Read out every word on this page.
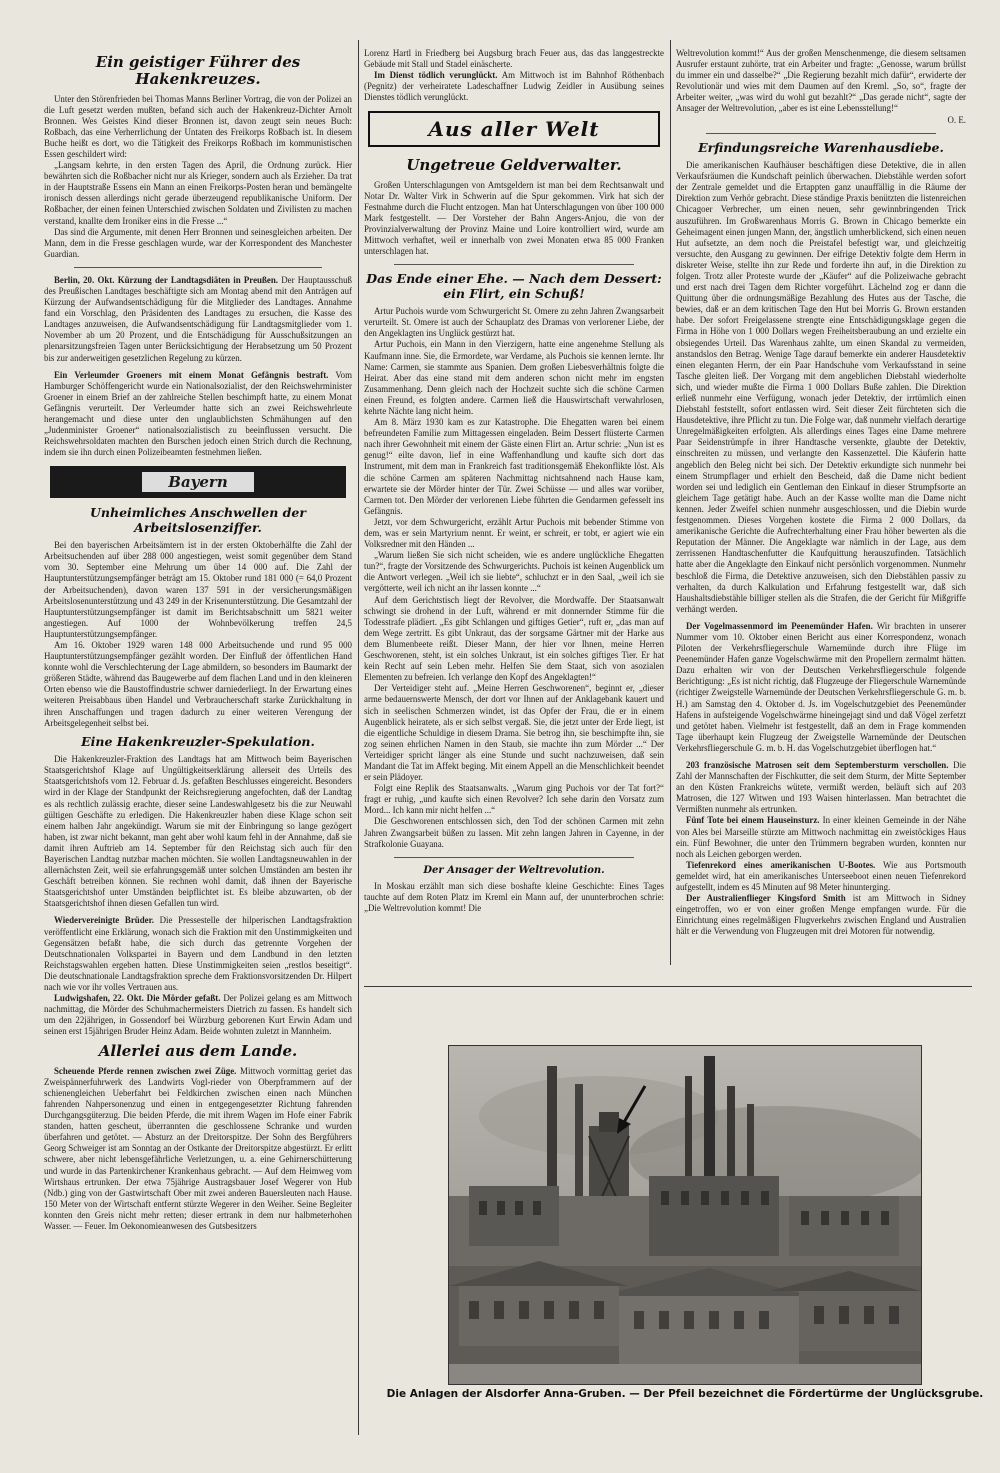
Ein geistiger Führer des Hakenkreuzes.

Unter den Störenfrieden bei Thomas Manns Berliner Vortrag, die von der Polizei an die Luft gesetzt werden mußten, befand sich auch der Hakenkreuz-Dichter Arnolt Bronnen. Wes Geistes Kind dieser Bronnen ist, davon zeugt sein neues Buch: Roßbach, das eine Verherrlichung der Untaten des Freikorps Roßbach ist. In diesem Buche heißt es dort, wo die Tätigkeit des Freikorps Roßbach im kommunistischen Essen geschildert wird:

„Langsam kehrte, in den ersten Tagen des April, die Ordnung zurück. Hier bewährten sich die Roßbacher nicht nur als Krieger, sondern auch als Erzieher. Da trat in der Hauptstraße Essens ein Mann an einen Freikorps-Posten heran und bemängelte ironisch dessen allerdings nicht gerade überzeugend republikanische Uniform. Der Roßbacher, der einen feinen Unterschied zwischen Soldaten und Zivilisten zu machen verstand, knallte dem Ironiker eins in die Fresse ...“

Das sind die Argumente, mit denen Herr Bronnen und seinesgleichen arbeiten. Der Mann, dem in die Fresse geschlagen wurde, war der Korrespondent des Manchester Guardian.

Berlin, 20. Okt. Kürzung der Landtagsdiäten in Preußen. Der Hauptausschuß des Preußischen Landtages beschäftigte sich am Montag abend mit den Anträgen auf Kürzung der Aufwandsentschädigung für die Mitglieder des Landtages. Annahme fand ein Vorschlag, den Präsidenten des Landtages zu ersuchen, die Kasse des Landtages anzuweisen, die Aufwandsentschädigung für Landtagsmitglieder vom 1. November ab um 20 Prozent, und die Entschädigung für Ausschußsitzungen an plenarsitzungsfreien Tagen unter Berücksichtigung der Herabsetzung um 50 Prozent bis zur anderweitigen gesetzlichen Regelung zu kürzen.

Ein Verleumder Groeners mit einem Monat Gefängnis bestraft. Vom Hamburger Schöffengericht wurde ein Nationalsozialist, der den Reichswehrminister Groener in einem Brief an der zahlreiche Stellen beschimpft hatte, zu einem Monat Gefängnis verurteilt. Der Verleumder hatte sich an zwei Reichswehrleute herangemacht und diese unter den unglaublichsten Schmähungen auf den „Judenminister Groener“ nationalsozialistisch zu beeinflussen versucht. Die Reichswehrsoldaten machten den Burschen jedoch einen Strich durch die Rechnung, indem sie ihn durch einen Polizeibeamten festnehmen ließen.

Bayern
Unheimliches Anschwellen der Arbeitslosenziffer.

Bei den bayerischen Arbeitsämtern ist in der ersten Oktoberhälfte die Zahl der Arbeitsuchenden auf über 288 000 angestiegen, weist somit gegenüber dem Stand vom 30. September eine Mehrung um über 14 000 auf. Die Zahl der Hauptunterstützungsempfänger beträgt am 15. Oktober rund 181 000 (= 64,0 Prozent der Arbeitsuchenden), davon waren 137 591 in der versicherungsmäßigen Arbeitslosenunterstützung und 43 249 in der Krisenunterstützung. Die Gesamtzahl der Hauptunterstützungsempfänger ist damit im Berichtsabschnitt um 5821 weiter angestiegen. Auf 1000 der Wohnbevölkerung treffen 24,5 Hauptunterstützungsempfänger.

Am 16. Oktober 1929 waren 148 000 Arbeitsuchende und rund 95 000 Hauptunterstützungsempfänger gezählt worden. Der Einfluß der öffentlichen Hand konnte wohl die Verschlechterung der Lage abmildern, so besonders im Baumarkt der größeren Städte, während das Baugewerbe auf dem flachen Land und in den kleineren Orten ebenso wie die Baustoffindustrie schwer darniederliegt. In der Erwartung eines weiteren Preisabbaus üben Handel und Verbraucherschaft starke Zurückhaltung in ihren Anschaffungen und tragen dadurch zu einer weiteren Verengung der Arbeitsgelegenheit selbst bei.

Eine Hakenkreuzler-Spekulation.

Die Hakenkreuzler-Fraktion des Landtags hat am Mittwoch beim Bayerischen Staatsgerichtshof Klage auf Ungültigkeitserklärung allerseit des Urteils des Staatsgerichtshofs vom 12. Februar d. Js. gefaßten Beschlusses eingereicht. Besonders wird in der Klage der Standpunkt der Reichsregierung angefochten, daß der Landtag es als rechtlich zulässig erachte, dieser seine Landeswahlgesetz bis die zur Neuwahl gültigen Geschäfte zu erledigen. Die Hakenkreuzler haben diese Klage schon seit einem halben Jahr angekündigt. Warum sie mit der Einbringung so lange gezögert haben, ist zwar nicht bekannt, man geht aber wohl kaum fehl in der Annahme, daß sie damit ihren Auftrieb am 14. September für den Reichstag sich auch für den Bayerischen Landtag nutzbar machen möchten. Sie wollen Landtagsneuwahlen in der allernächsten Zeit, weil sie erfahrungsgemäß unter solchen Umständen am besten ihr Geschäft betreiben können. Sie rechnen wohl damit, daß ihnen der Bayerische Staatsgerichtshof unter Umständen beipflichtet ist. Es bleibe abzuwarten, ob der Staatsgerichtshof ihnen diesen Gefallen tun wird.

Wiedervereinigte Brüder. Die Pressestelle der hilperischen Landtagsfraktion veröffentlicht eine Erklärung, wonach sich die Fraktion mit den Unstimmigkeiten und Gegensätzen befaßt habe, die sich durch das getrennte Vorgehen der Deutschnationalen Volkspartei in Bayern und dem Landbund in den letzten Reichstagswahlen ergeben hatten. Diese Unstimmigkeiten seien „restlos beseitigt“. Die deutschnationale Landtagsfraktion spreche dem Fraktionsvorsitzenden Dr. Hilpert nach wie vor ihr volles Vertrauen aus.

Ludwigshafen, 22. Okt. Die Mörder gefaßt. Der Polizei gelang es am Mittwoch nachmittag, die Mörder des Schuhmachermeisters Dietrich zu fassen. Es handelt sich um den 22jährigen, in Gossendorf bei Würzburg geborenen Kurt Erwin Adam und seinen erst 15jährigen Bruder Heinz Adam. Beide wohnten zuletzt in Mannheim.

Allerlei aus dem Lande.

Scheuende Pferde rennen zwischen zwei Züge. Mittwoch vormittag geriet das Zweispännerfuhrwerk des Landwirts Vogl-rieder von Oberpframmern auf der schienengleichen Ueberfahrt bei Feldkirchen zwischen einen nach München fahrenden Nahpersonenzug und einen in entgegengesetzter Richtung fahrenden Durchgangsgüterzug. Die beiden Pferde, die mit ihrem Wagen im Hofe einer Fabrik standen, hatten gescheut, überrannten die geschlossene Schranke und wurden überfahren und getötet. — Absturz an der Dreitorspitze. Der Sohn des Bergführers Georg Schweiger ist am Sonntag an der Ostkante der Dreitorspitze abgestürzt. Er erlitt schwere, aber nicht lebensgefährliche Verletzungen, u. a. eine Gehirnerschütterung und wurde in das Partenkirchener Krankenhaus gebracht. — Auf dem Heimweg vom Wirtshaus ertrunken. Der etwa 75jährige Austragsbauer Josef Wegerer von Hub (Ndb.) ging von der Gastwirtschaft Ober mit zwei anderen Bauersleuten nach Hause. 150 Meter von der Wirtschaft entfernt stürzte Wegerer in den Weiher. Seine Begleiter konnten den Greis nicht mehr retten; dieser ertrank in dem nur halbmeterhohen Wasser. — Feuer. Im Oekonomieanwesen des Gutsbesitzers

Lorenz Hartl in Friedberg bei Augsburg brach Feuer aus, das das langgestreckte Gebäude mit Stall und Stadel einäscherte.

Im Dienst tödlich verunglückt. Am Mittwoch ist im Bahnhof Röthenbach (Pegnitz) der verheiratete Ladeschaffner Ludwig Zeidler in Ausübung seines Dienstes tödlich verunglückt.

Aus aller Welt
Ungetreue Geldverwalter.

Großen Unterschlagungen von Amtsgeldern ist man bei dem Rechtsanwalt und Notar Dr. Walter Virk in Schwerin auf die Spur gekommen. Virk hat sich der Festnahme durch die Flucht entzogen. Man hat Unterschlagungen von über 100 000 Mark festgestellt. — Der Vorsteher der Bahn Angers-Anjou, die von der Provinzialverwaltung der Provinz Maine und Loire kontrolliert wird, wurde am Mittwoch verhaftet, weil er innerhalb von zwei Monaten etwa 85 000 Franken unterschlagen hat.

Das Ende einer Ehe. — Nach dem Dessert: ein Flirt, ein Schuß!

Artur Puchois wurde vom Schwurgericht St. Omere zu zehn Jahren Zwangsarbeit verurteilt. St. Omere ist auch der Schauplatz des Dramas von verlorener Liebe, der den Angeklagten ins Unglück gestürzt hat.

Artur Puchois, ein Mann in den Vierzigern, hatte eine angenehme Stellung als Kaufmann inne. Sie, die Ermordete, war Verdame, als Puchois sie kennen lernte. Ihr Name: Carmen, sie stammte aus Spanien. Dem großen Liebesverhältnis folgte die Heirat. Aber das eine stand mit dem anderen schon nicht mehr im engsten Zusammenhang. Denn gleich nach der Hochzeit suchte sich die schöne Carmen einen Freund, es folgten andere. Carmen ließ die Hauswirtschaft verwahrlosen, kehrte Nächte lang nicht heim.

Am 8. März 1930 kam es zur Katastrophe. Die Ehegatten waren bei einem befreundeten Familie zum Mittagessen eingeladen. Beim Dessert flüsterte Carmen nach ihrer Gewohnheit mit einem der Gäste einen Flirt an. Artur schrie: „Nun ist es genug!“ eilte davon, lief in eine Waffenhandlung und kaufte sich dort das Instrument, mit dem man in Frankreich fast traditionsgemäß Ehekonflikte löst. Als die schöne Carmen am späteren Nachmittag nichtsahnend nach Hause kam, erwartete sie der Mörder hinter der Tür. Zwei Schüsse — und alles war vorüber, Carmen tot. Den Mörder der verlorenen Liebe führten die Gendarmen gefesselt ins Gefängnis.

Jetzt, vor dem Schwurgericht, erzählt Artur Puchois mit bebender Stimme von dem, was er sein Martyrium nennt. Er weint, er schreit, er tobt, er agiert wie ein Volksredner mit den Händen ...

„Warum ließen Sie sich nicht scheiden, wie es andere unglückliche Ehegatten tun?“, fragte der Vorsitzende des Schwurgerichts. Puchois ist keinen Augenblick um die Antwort verlegen. „Weil ich sie liebte“, schluchzt er in den Saal, „weil ich sie vergötterte, weil ich nicht an ihr lassen konnte ...“

Auf dem Gerichtstisch liegt der Revolver, die Mordwaffe. Der Staatsanwalt schwingt sie drohend in der Luft, während er mit donnernder Stimme für die Todesstrafe plädiert. „Es gibt Schlangen und giftiges Getier“, ruft er, „das man auf dem Wege zertritt. Es gibt Unkraut, das der sorgsame Gärtner mit der Harke aus dem Blumenbeete reißt. Dieser Mann, der hier vor Ihnen, meine Herren Geschworenen, steht, ist ein solches Unkraut, ist ein solches giftiges Tier. Er hat kein Recht auf sein Leben mehr. Helfen Sie dem Staat, sich von asozialen Elementen zu befreien. Ich verlange den Kopf des Angeklagten!“

Der Verteidiger steht auf. „Meine Herren Geschworenen“, beginnt er, „dieser arme bedauernswerte Mensch, der dort vor Ihnen auf der Anklagebank kauert und sich in seelischen Schmerzen windet, ist das Opfer der Frau, die er in einem Augenblick heiratete, als er sich selbst vergaß. Sie, die jetzt unter der Erde liegt, ist die eigentliche Schuldige in diesem Drama. Sie betrog ihn, sie beschimpfte ihn, sie zog seinen ehrlichen Namen in den Staub, sie machte ihn zum Mörder ...“ Der Verteidiger spricht länger als eine Stunde und sucht nachzuweisen, daß sein Mandant die Tat im Affekt beging. Mit einem Appell an die Menschlichkeit beendet er sein Plädoyer.

Folgt eine Replik des Staatsanwalts. „Warum ging Puchois vor der Tat fort?“ fragt er ruhig, „und kaufte sich einen Revolver? Ich sehe darin den Vorsatz zum Mord... Ich kann mir nicht helfen ...“

Die Geschworenen entschlossen sich, den Tod der schönen Carmen mit zehn Jahren Zwangsarbeit büßen zu lassen. Mit zehn langen Jahren in Cayenne, in der Strafkolonie Guayana.

Der Ansager der Weltrevolution.

In Moskau erzählt man sich diese boshafte kleine Geschichte: Eines Tages tauchte auf dem Roten Platz im Kreml ein Mann auf, der ununterbrochen schrie: „Die Weltrevolution kommt! Die

Weltrevolution kommt!“ Aus der großen Menschenmenge, die diesem seltsamen Ausrufer erstaunt zuhörte, trat ein Arbeiter und fragte: „Genosse, warum brüllst du immer ein und dasselbe?“ „Die Regierung bezahlt mich dafür“, erwiderte der Revolutionär und wies mit dem Daumen auf den Kreml. „So, so“, fragte der Arbeiter weiter, „was wird du wohl gut bezahlt?“ „Das gerade nicht“, sagte der Ansager der Weltrevolution, „aber es ist eine Lebensstellung!“

O. E.

Erfindungsreiche Warenhausdiebe.

Die amerikanischen Kaufhäuser beschäftigen diese Detektive, die in allen Verkaufsräumen die Kundschaft peinlich überwachen. Diebstähle werden sofort der Zentrale gemeldet und die Ertappten ganz unauffällig in die Räume der Direktion zum Verhör gebracht. Diese ständige Praxis benützten die listenreichen Chicagoer Verbrecher, um einen neuen, sehr gewinnbringenden Trick auszuführen. Im Großwarenhaus Morris G. Brown in Chicago bemerkte ein Geheimagent einen jungen Mann, der, ängstlich umherblickend, sich einen neuen Hut aufsetzte, an dem noch die Preistafel befestigt war, und gleichzeitig versuchte, den Ausgang zu gewinnen. Der eifrige Detektiv folgte dem Herrn in diskreter Weise, stellte ihn zur Rede und forderte ihn auf, in die Direktion zu folgen. Trotz aller Proteste wurde der „Käufer“ auf die Polizeiwache gebracht und erst nach drei Tagen dem Richter vorgeführt. Lächelnd zog er dann die Quittung über die ordnungsmäßige Bezahlung des Hutes aus der Tasche, die bewies, daß er an dem kritischen Tage den Hut bei Morris G. Brown erstanden habe. Der sofort Freigelassene strengte eine Entschädigungsklage gegen die Firma in Höhe von 1 000 Dollars wegen Freiheitsberaubung an und erzielte ein obsiegendes Urteil. Das Warenhaus zahlte, um einen Skandal zu vermeiden, anstandslos den Betrag. Wenige Tage darauf bemerkte ein anderer Hausdetektiv einen eleganten Herrn, der ein Paar Handschuhe vom Verkaufsstand in seine Tasche gleiten ließ. Der Vorgang mit dem angeblichen Diebstahl wiederholte sich, und wieder mußte die Firma 1 000 Dollars Buße zahlen. Die Direktion erließ nunmehr eine Verfügung, wonach jeder Detektiv, der irrtümlich einen Diebstahl feststellt, sofort entlassen wird. Seit dieser Zeit fürchteten sich die Hausdetektive, ihre Pflicht zu tun. Die Folge war, daß nunmehr vielfach derartige Unregelmäßigkeiten erfolgten. Als allerdings eines Tages eine Dame mehrere Paar Seidenstrümpfe in ihrer Handtasche versenkte, glaubte der Detektiv, einschreiten zu müssen, und verlangte den Kassenzettel. Die Käuferin hatte angeblich den Beleg nicht bei sich. Der Detektiv erkundigte sich nunmehr bei einem Strumpflager und erhielt den Bescheid, daß die Dame nicht bedient worden sei und lediglich ein Gentleman den Einkauf in dieser Strumpfsorte an gleichem Tage getätigt habe. Auch an der Kasse wollte man die Dame nicht kennen. Jeder Zweifel schien nunmehr ausgeschlossen, und die Diebin wurde festgenommen. Dieses Vorgehen kostete die Firma 2 000 Dollars, da amerikanische Gerichte die Aufrechterhaltung einer Frau höher bewerten als die Reputation der Männer. Die Angeklagte war nämlich in der Lage, aus dem zerrissenen Handtaschenfutter die Kaufquittung herauszufinden. Tatsächlich hatte aber die Angeklagte den Einkauf nicht persönlich vorgenommen. Nunmehr beschloß die Firma, die Detektive anzuweisen, sich den Diebstählen passiv zu verhalten, da durch Kalkulation und Erfahrung festgestellt war, daß sich Haushaltsdiebstähle billiger stellen als die Strafen, die der Gericht für Mißgriffe verhängt werden.

Der Vogelmassenmord im Peenemünder Hafen. Wir brachten in unserer Nummer vom 10. Oktober einen Bericht aus einer Korrespondenz, wonach Piloten der Verkehrsfliegerschule Warnemünde durch ihre Flüge im Peenemünder Hafen ganze Vogelschwärme mit den Propellern zermalmt hätten. Dazu erhalten wir von der Deutschen Verkehrsfliegerschule folgende Berichtigung: „Es ist nicht richtig, daß Flugzeuge der Fliegerschule Warnemünde (richtiger Zweigstelle Warnemünde der Deutschen Verkehrsfliegerschule G. m. b. H.) am Samstag den 4. Oktober d. Js. im Vogelschutzgebiet des Peenemünder Hafens in aufsteigende Vogelschwärme hineingejagt sind und daß Vögel zerfetzt und getötet haben. Vielmehr ist festgestellt, daß an dem in Frage kommenden Tage überhaupt kein Flugzeug der Zweigstelle Warnemünde der Deutschen Verkehrsfliegerschule G. m. b. H. das Vogelschutzgebiet überflogen hat.“

203 französische Matrosen seit dem Septembersturm verschollen. Die Zahl der Mannschaften der Fischkutter, die seit dem Sturm, der Mitte September an den Küsten Frankreichs wütete, vermißt werden, beläuft sich auf 203 Matrosen, die 127 Witwen und 193 Waisen hinterlassen. Man betrachtet die Vermißten nunmehr als ertrunken.

Fünf Tote bei einem Hauseinsturz. In einer kleinen Gemeinde in der Nähe von Ales bei Marseille stürzte am Mittwoch nachmittag ein zweistöckiges Haus ein. Fünf Bewohner, die unter den Trümmern begraben wurden, konnten nur noch als Leichen geborgen werden.

Tiefenrekord eines amerikanischen U-Bootes. Wie aus Portsmouth gemeldet wird, hat ein amerikanisches Unterseeboot einen neuen Tiefenrekord aufgestellt, indem es 45 Minuten auf 98 Meter hinunterging.

Der Australienflieger Kingsford Smith ist am Mittwoch in Sidney eingetroffen, wo er von einer großen Menge empfangen wurde. Für die Einrichtung eines regelmäßigen Flugverkehrs zwischen England und Australien hält er die Verwendung von Flugzeugen mit drei Motoren für notwendig.

Die Anlagen der Alsdorfer Anna-Gruben. — Der Pfeil bezeichnet die Fördertürme der Unglücksgrube.
